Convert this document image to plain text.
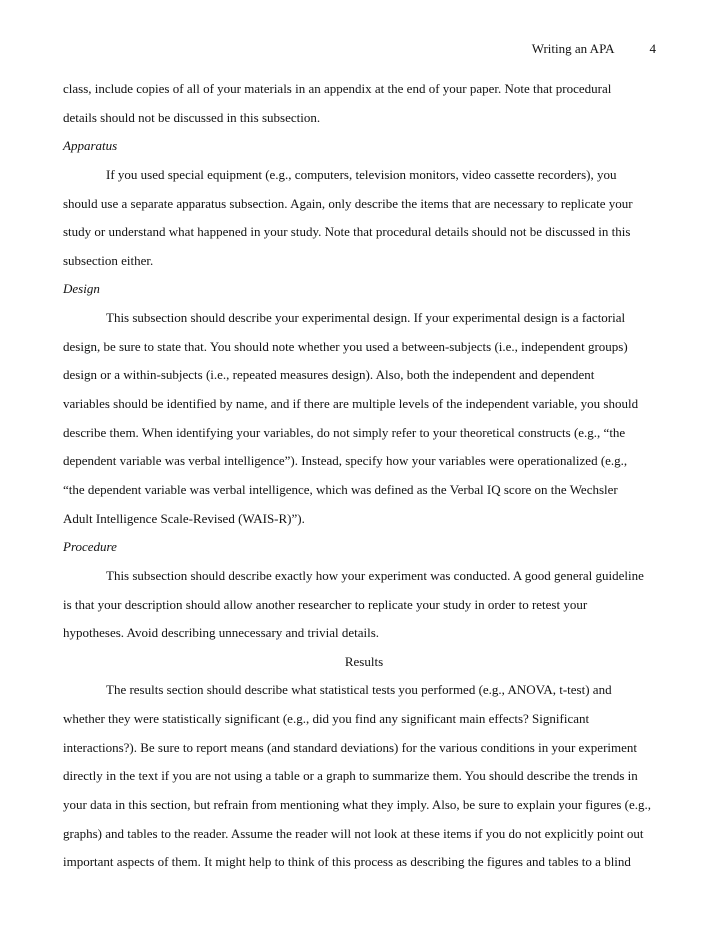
Writing an APA	4
class, include copies of all of your materials in an appendix at the end of your paper. Note that procedural
details should not be discussed in this subsection.
Apparatus
If you used special equipment (e.g., computers, television monitors, video cassette recorders), you
should use a separate apparatus subsection. Again, only describe the items that are necessary to replicate your
study or understand what happened in your study. Note that procedural details should not be discussed in this
subsection either.
Design
This subsection should describe your experimental design. If your experimental design is a factorial
design, be sure to state that. You should note whether you used a between-subjects (i.e., independent groups)
design or a within-subjects (i.e., repeated measures design). Also, both the independent and dependent
variables should be identified by name, and if there are multiple levels of the independent variable, you should
describe them. When identifying your variables, do not simply refer to your theoretical constructs (e.g., “the
dependent variable was verbal intelligence”). Instead, specify how your variables were operationalized (e.g.,
“the dependent variable was verbal intelligence, which was defined as the Verbal IQ score on the Wechsler
Adult Intelligence Scale-Revised (WAIS-R)”).
Procedure
This subsection should describe exactly how your experiment was conducted. A good general guideline
is that your description should allow another researcher to replicate your study in order to retest your
hypotheses. Avoid describing unnecessary and trivial details.
Results
The results section should describe what statistical tests you performed (e.g., ANOVA, t-test) and
whether they were statistically significant (e.g., did you find any significant main effects? Significant
interactions?). Be sure to report means (and standard deviations) for the various conditions in your experiment
directly in the text if you are not using a table or a graph to summarize them. You should describe the trends in
your data in this section, but refrain from mentioning what they imply. Also, be sure to explain your figures (e.g.,
graphs) and tables to the reader. Assume the reader will not look at these items if you do not explicitly point out
important aspects of them. It might help to think of this process as describing the figures and tables to a blind
